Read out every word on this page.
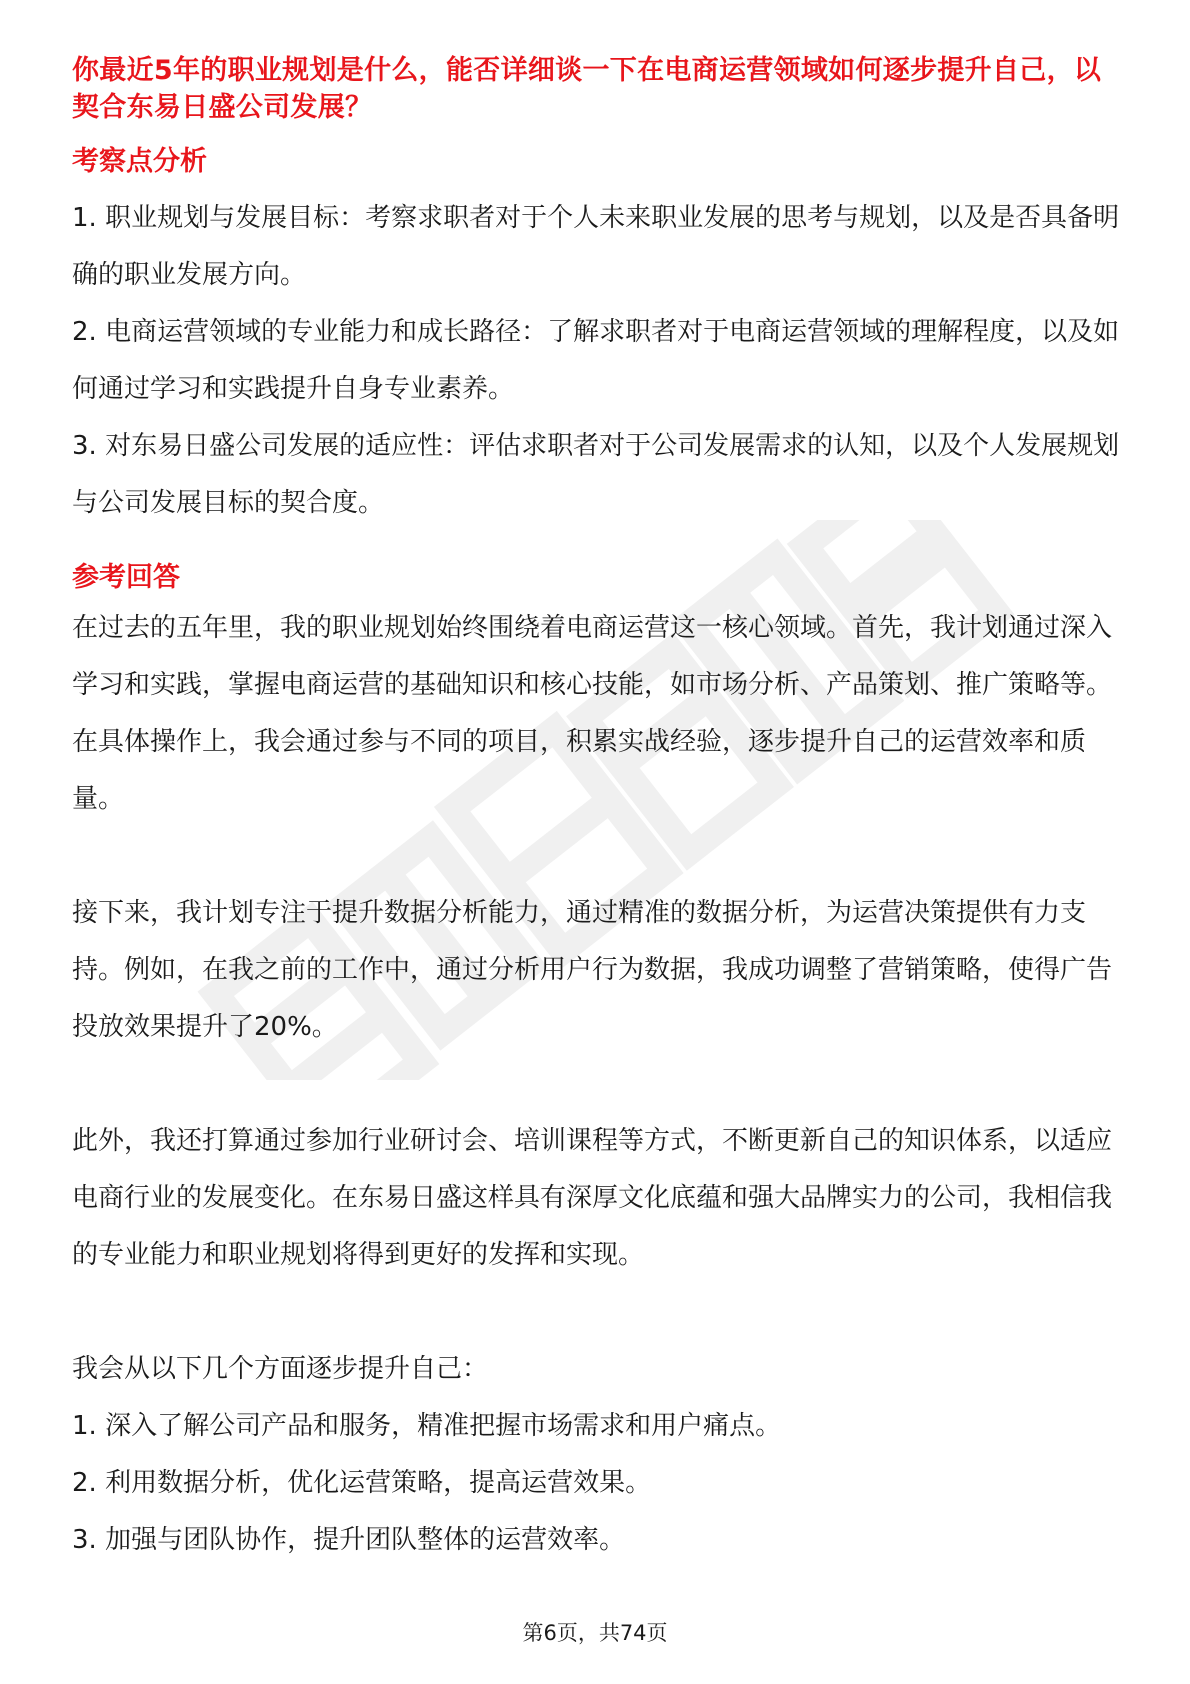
你最近5年的职业规划是什么，能否详细谈一下在电商运营领域如何逐步提升自己，以契合东易日盛公司发展？

考察点分析

1. 职业规划与发展目标：考察求职者对于个人未来职业发展的思考与规划，以及是否具备明确的职业发展方向。

2. 电商运营领域的专业能力和成长路径：了解求职者对于电商运营领域的理解程度，以及如何通过学习和实践提升自身专业素养。

3. 对东易日盛公司发展的适应性：评估求职者对于公司发展需求的认知，以及个人发展规划与公司发展目标的契合度。

参考回答

在过去的五年里，我的职业规划始终围绕着电商运营这一核心领域。首先，我计划通过深入学习和实践，掌握电商运营的基础知识和核心技能，如市场分析、产品策划、推广策略等。在具体操作上，我会通过参与不同的项目，积累实战经验，逐步提升自己的运营效率和质量。

接下来，我计划专注于提升数据分析能力，通过精准的数据分析，为运营决策提供有力支持。例如，在我之前的工作中，通过分析用户行为数据，我成功调整了营销策略，使得广告投放效果提升了20%。

此外，我还打算通过参加行业研讨会、培训课程等方式，不断更新自己的知识体系，以适应电商行业的发展变化。在东易日盛这样具有深厚文化底蕴和强大品牌实力的公司，我相信我的专业能力和职业规划将得到更好的发挥和实现。

我会从以下几个方面逐步提升自己：

1. 深入了解公司产品和服务，精准把握市场需求和用户痛点。

2. 利用数据分析，优化运营策略，提高运营效果。

3. 加强与团队协作，提升团队整体的运营效率。

第6页，共74页
